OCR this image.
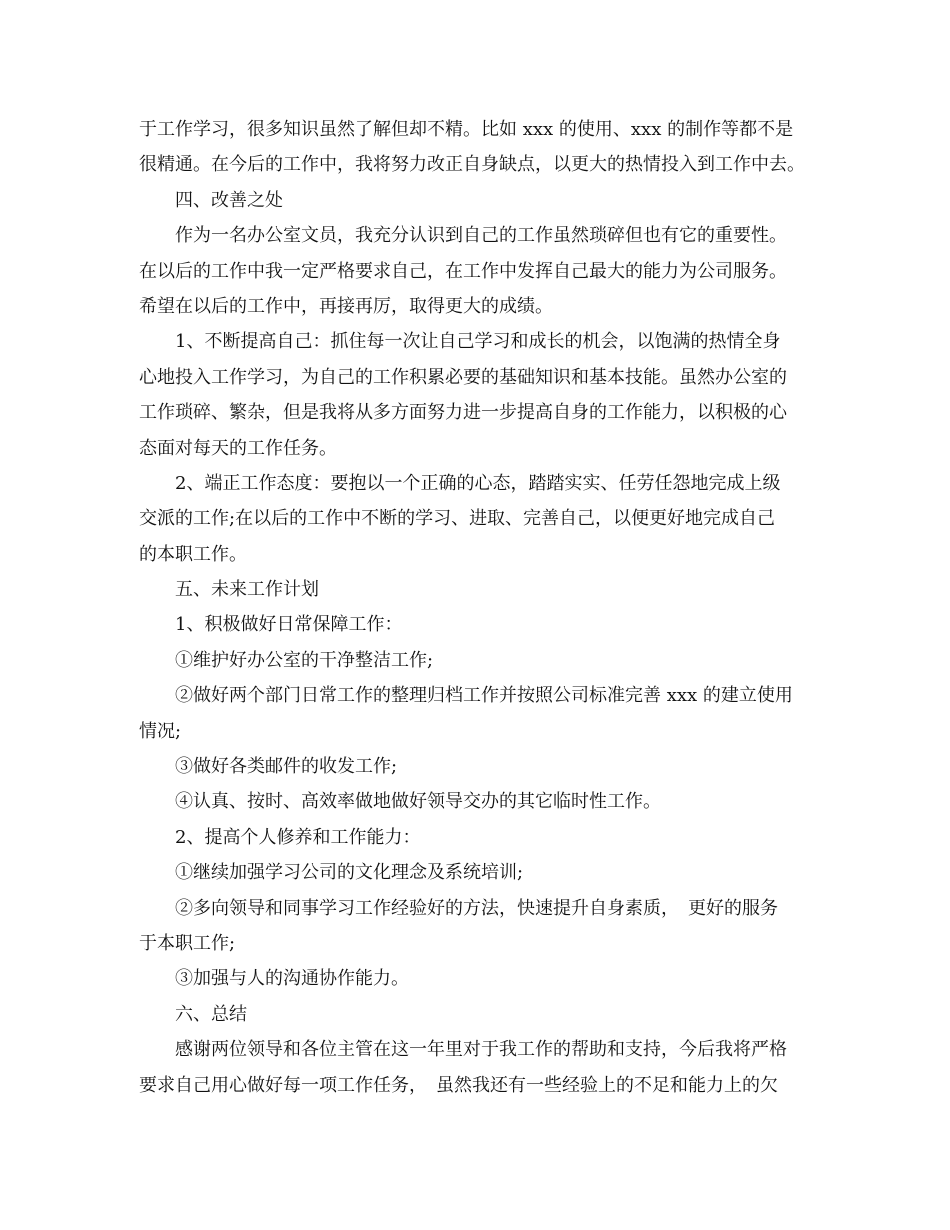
于工作学习，很多知识虽然了解但却不精。比如 xxx 的使用、xxx 的制作等都不是
很精通。在今后的工作中，我将努力改正自身缺点，以更大的热情投入到工作中去。
四、改善之处
作为一名办公室文员，我充分认识到自己的工作虽然琐碎但也有它的重要性。
在以后的工作中我一定严格要求自己，在工作中发挥自己最大的能力为公司服务。
希望在以后的工作中，再接再厉，取得更大的成绩。
1、不断提高自己：抓住每一次让自己学习和成长的机会，以饱满的热情全身
心地投入工作学习，为自己的工作积累必要的基础知识和基本技能。虽然办公室的
工作琐碎、繁杂，但是我将从多方面努力进一步提高自身的工作能力，以积极的心
态面对每天的工作任务。
2、端正工作态度：要抱以一个正确的心态，踏踏实实、任劳任怨地完成上级
交派的工作;在以后的工作中不断的学习、进取、完善自己，以便更好地完成自己
的本职工作。
五、未来工作计划
1、积极做好日常保障工作：
①维护好办公室的干净整洁工作;
②做好两个部门日常工作的整理归档工作并按照公司标准完善 xxx 的建立使用
情况;
③做好各类邮件的收发工作;
④认真、按时、高效率做地做好领导交办的其它临时性工作。
2、提高个人修养和工作能力：
①继续加强学习公司的文化理念及系统培训;
②多向领导和同事学习工作经验好的方法，快速提升自身素质，　更好的服务
于本职工作;
③加强与人的沟通协作能力。
六、总结
感谢两位领导和各位主管在这一年里对于我工作的帮助和支持，今后我将严格
要求自己用心做好每一项工作任务，　虽然我还有一些经验上的不足和能力上的欠
